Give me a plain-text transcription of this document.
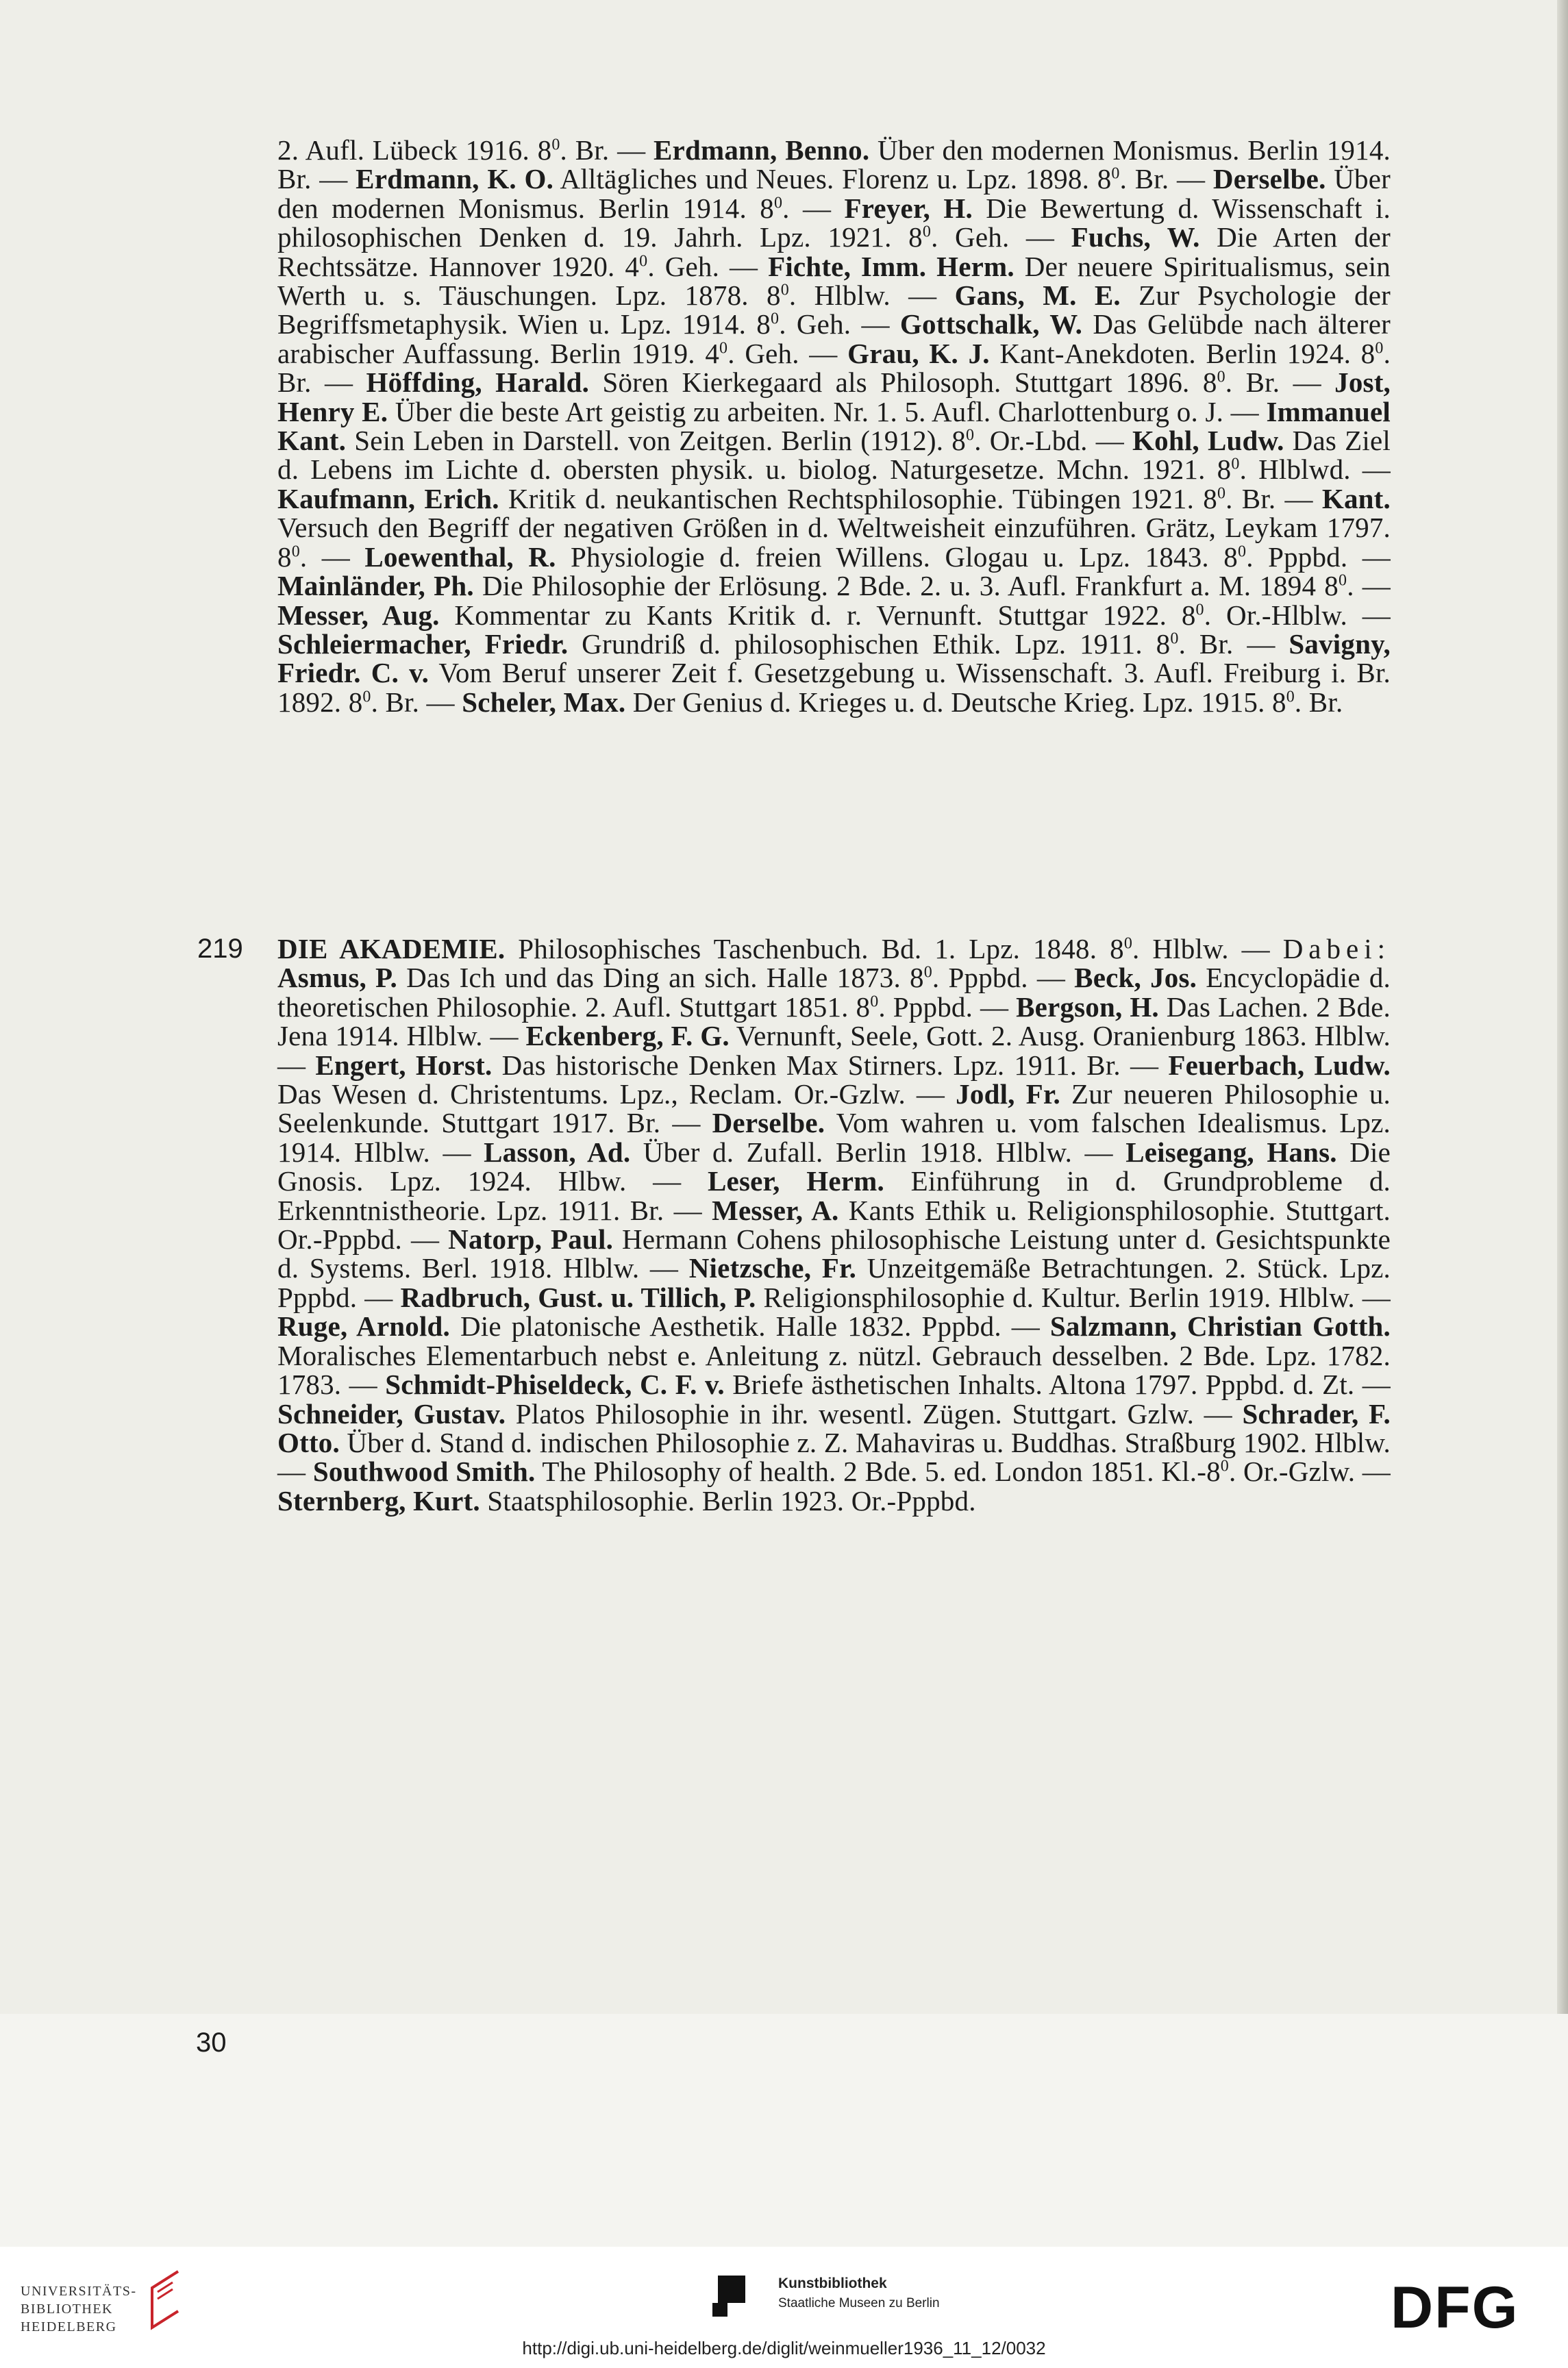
2. Aufl. Lübeck 1916. $8^0$. Br. — Erdmann, Benno. Über den modernen Monismus. Berlin 1914. Br. — Erdmann, K. O. Alltägliches und Neues. Florenz u. Lpz. 1898. $8^0$. Br. — Derselbe. Über den modernen Monismus. Berlin 1914. $8^0$. — Freyer, H. Die Bewertung d. Wissenschaft i. philosophischen Denken d. 19. Jahrh. Lpz. 1921. $8^0$. Geh. — Fuchs, W. Die Arten der Rechtssätze. Hannover 1920. $4^0$. Geh. — Fichte, Imm. Herm. Der neuere Spiritualismus, sein Werth u. s. Täuschungen. Lpz. 1878. $8^0$. Hlblw. — Gans, M. E. Zur Psychologie der Begriffsmetaphysik. Wien u. Lpz. 1914. $8^0$. Geh. — Gottschalk, W. Das Gelübde nach älterer arabischer Auffassung. Berlin 1919. $4^0$. Geh. — Grau, K. J. Kant-Anekdoten. Berlin 1924. $8^0$. Br. — Höffding, Harald. Sören Kierkegaard als Philosoph. Stuttgart 1896. $8^0$. Br. — Jost, Henry E. Über die beste Art geistig zu arbeiten. Nr. 1. 5. Aufl. Charlottenburg o. J. — Immanuel Kant. Sein Leben in Darstell. von Zeitgen. Berlin (1912). $8^0$. Or.-Lbd. — Kohl, Ludw. Das Ziel d. Lebens im Lichte d. obersten physik. u. biolog. Naturgesetze. Mchn. 1921. $8^0$. Hlblwd. — Kaufmann, Erich. Kritik d. neukantischen Rechtsphilosophie. Tübingen 1921. $8^0$. Br. — Kant. Versuch den Begriff der negativen Größen in d. Weltweisheit einzuführen. Grätz, Leykam 1797. $8^0$. — Loewenthal, R. Physiologie d. freien Willens. Glogau u. Lpz. 1843. $8^0$. Pppbd. — Mainländer, Ph. Die Philosophie der Erlösung. 2 Bde. 2. u. 3. Aufl. Frankfurt a. M. 1894 $8^0$. — Messer, Aug. Kommentar zu Kants Kritik d. r. Vernunft. Stuttgar 1922. $8^0$. Or.-Hlblw. — Schleiermacher, Friedr. Grundriß d. philosophischen Ethik. Lpz. 1911. $8^0$. Br. — Savigny, Friedr. C. v. Vom Beruf unserer Zeit f. Gesetzgebung u. Wissenschaft. 3. Aufl. Freiburg i. Br. 1892. $8^0$. Br. — Scheler, Max. Der Genius d. Krieges u. d. Deutsche Krieg. Lpz. 1915. $8^0$. Br.
219 DIE AKADEMIE. Philosophisches Taschenbuch. Bd. 1. Lpz. 1848. $8^0$. Hlblw. — Dabei: Asmus, P. Das Ich und das Ding an sich. Halle 1873. $8^0$. Pppbd. — Beck, Jos. Encyclopädie d. theoretischen Philosophie. 2. Aufl. Stuttgart 1851. $8^0$. Pppbd. — Bergson, H. Das Lachen. 2 Bde. Jena 1914. Hlblw. — Eckenberg, F. G. Vernunft, Seele, Gott. 2. Ausg. Oranienburg 1863. Hlblw. — Engert, Horst. Das historische Denken Max Stirners. Lpz. 1911. Br. — Feuerbach, Ludw. Das Wesen d. Christentums. Lpz., Reclam. Or.-Gzlw. — Jodl, Fr. Zur neueren Philosophie u. Seelenkunde. Stuttgart 1917. Br. — Derselbe. Vom wahren u. vom falschen Idealismus. Lpz. 1914. Hlblw. — Lasson, Ad. Über d. Zufall. Berlin 1918. Hlblw. — Leisegang, Hans. Die Gnosis. Lpz. 1924. Hlbw. — Leser, Herm. Einführung in d. Grundprobleme d. Erkenntnistheorie. Lpz. 1911. Br. — Messer, A. Kants Ethik u. Religionsphilosophie. Stuttgart. Or.-Pppbd. — Natorp, Paul. Hermann Cohens philosophische Leistung unter d. Gesichtspunkte d. Systems. Berl. 1918. Hlblw. — Nietzsche, Fr. Unzeitgemäße Betrachtungen. 2. Stück. Lpz. Pppbd. — Radbruch, Gust. u. Tillich, P. Religionsphilosophie d. Kultur. Berlin 1919. Hlblw. — Ruge, Arnold. Die platonische Aesthetik. Halle 1832. Pppbd. — Salzmann, Christian Gotth. Moralisches Elementarbuch nebst e. Anleitung z. nützl. Gebrauch desselben. 2 Bde. Lpz. 1782. 1783. — Schmidt-Phiseldeck, C. F. v. Briefe ästhetischen Inhalts. Altona 1797. Pppbd. d. Zt. — Schneider, Gustav. Platos Philosophie in ihr. wesentl. Zügen. Stuttgart. Gzlw. — Schrader, F. Otto. Über d. Stand d. indischen Philosophie z. Z. Mahaviras u. Buddhas. Straßburg 1902. Hlblw. — Southwood Smith. The Philosophy of health. 2 Bde. 5. ed. London 1851. $Kl.-8^0$. Or.-Gzlw. — Sternberg, Kurt. Staatsphilosophie. Berlin 1923. Or.-Pppbd.
30
UNIVERSITÄTS-
BIBLIOTHEK
HEIDELBERG
Kunstbibliothek
Staatliche Museen zu Berlin	DFG
http://digi.ub.uni-heidelberg.de/diglit/weinmueller1936_11_12/0032
